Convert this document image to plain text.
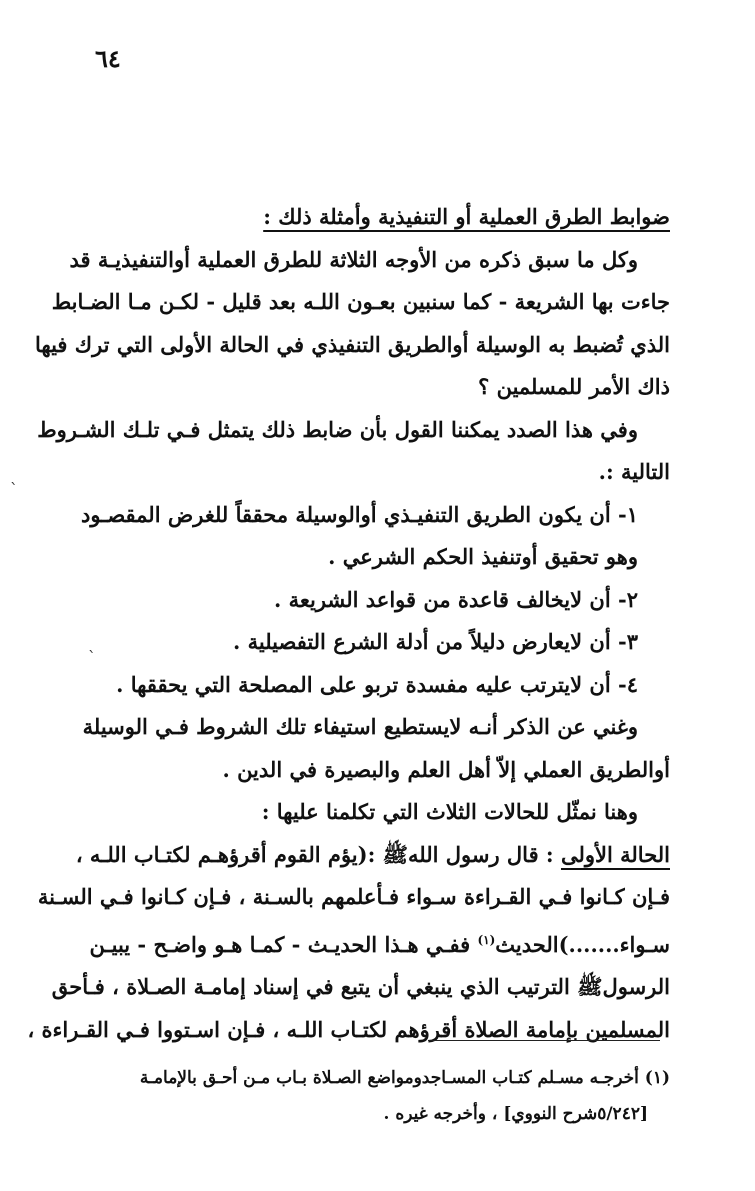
٦٤
ضوابط الطرق العملية أو التنفيذية وأمثلة ذلك :
وكل ما سبق ذكره من الأوجه الثلاثة للطرق العملية أوالتنفيذيـة قد
جاءت بها الشريعة - كما سنبين بعـون اللـه بعد قليل - لكـن مـا الضـابط
الذي تُضبط به الوسيلة أوالطريق التنفيذي في الحالة الأولى التي ترك فيها
ذاك الأمر للمسلمين ؟
وفي هذا الصدد يمكننا القول بأن ضابط ذلك يتمثل فـي تلـك الشـروط
التالية :.
١- أن يكون الطريق التنفيـذي أوالوسيلة محققاً للغرض المقصـود
وهو تحقيق أوتنفيذ الحكم الشرعي .
٢- أن لايخالف قاعدة من قواعد الشريعة .
٣- أن لايعارض دليلاً من أدلة الشرع التفصيلية .
٤- أن لايترتب عليه مفسدة تربو على المصلحة التي يحققها .
وغني عن الذكر أنـه لايستطيع استيفاء تلك الشروط فـي الوسيلة
أوالطريق العملي إلاّ أهل العلم والبصيرة في الدين .
وهنا نمثّل للحالات الثلاث التي تكلمنا عليها :
الحالة الأولى : قال رسول اللهﷺ :(يؤم القوم أقرؤهـم لكتـاب اللـه ،
فـإن كـانوا فـي القـراءة سـواء فـأعلمهم بالسـنة ، فـإن كـانوا فـي السـنة
سـواء.......)الحديث$^{(١)}$ ففـي هـذا الحديـث - كمـا هـو واضـح - يبيـن
الرسولﷺ الترتيب الذي ينبغي أن يتبع في إسناد إمامـة الصـلاة ، فـأحق
المسلمين بإمامة الصلاة أقرؤهم لكتـاب اللـه ، فـإن اسـتووا فـي القـراءة ،
(١) أخرجـه مسـلم كتـاب المسـاجدومواضع الصـلاة بـاب مـن أحـق بالإمامـة
[٥/٢٤٢شرح النووي] ، وأخرجه غيره .
`
`
